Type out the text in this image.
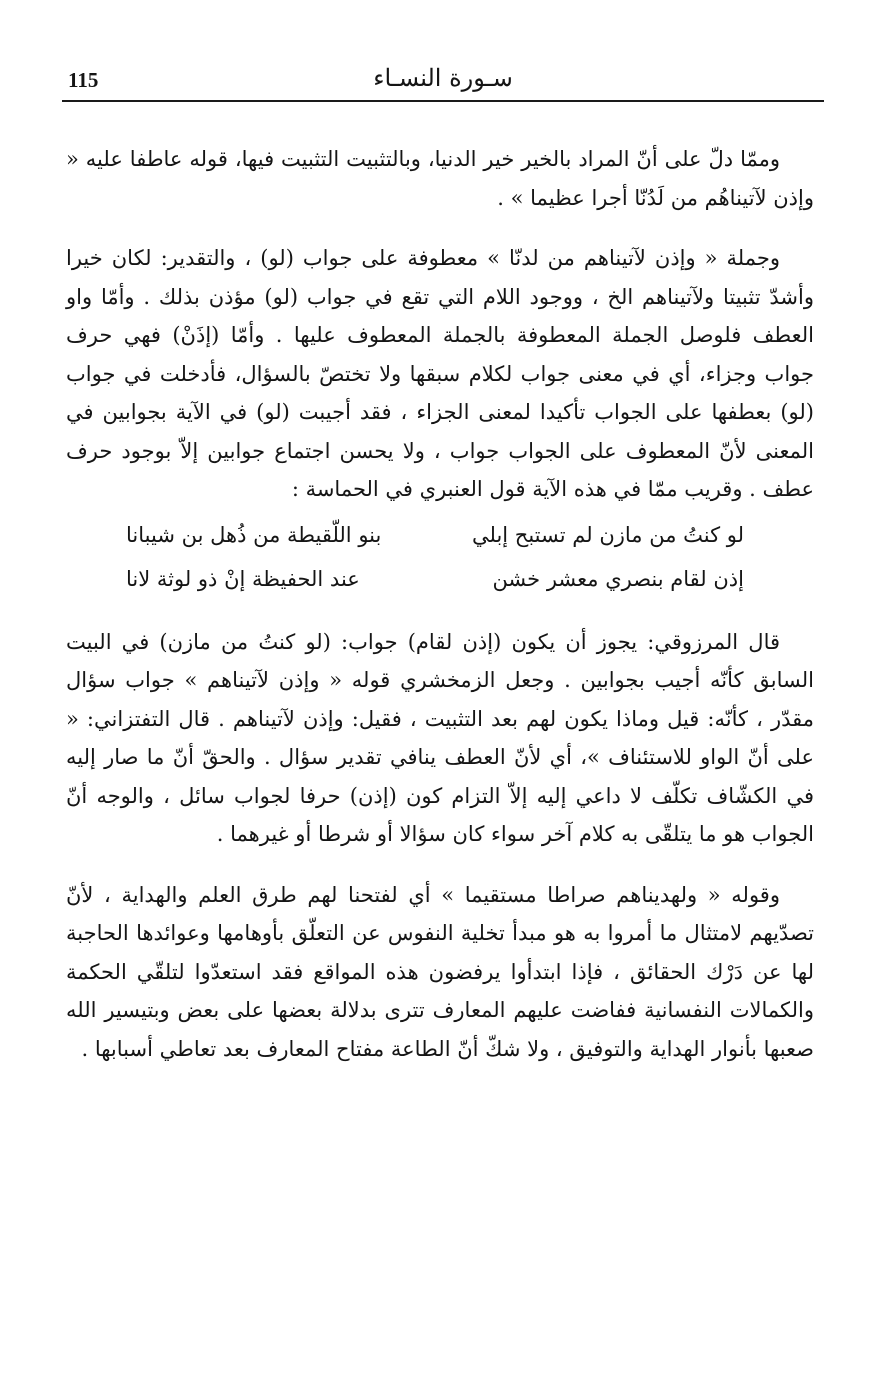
115	سـورة النسـاء

وممّا دلّ على أنّ المراد بالخير خير الدنيا، وبالتثبيت التثبيت فيها، قوله عاطفا عليه « وإذن لآتيناهُم من لَدُنّا أجرا عظيما » .

وجملة « وإذن لآتيناهم من لدنّا » معطوفة على جواب (لو) ، والتقدير: لكان خيرا وأشدّ تثبيتا ولآتيناهم الخ ، ووجود اللام التي تقع في جواب (لو) مؤذن بذلك . وأمّا واو العطف فلوصل الجملة المعطوفة بالجملة المعطوف عليها . وأمّا (إذَنْ) فهي حرف جواب وجزاء، أي في معنى جواب لكلام سبقها ولا تختصّ بالسؤال، فأدخلت في جواب (لو) بعطفها على الجواب تأكيدا لمعنى الجزاء ، فقد أجيبت (لو) في الآية بجوابين في المعنى لأنّ المعطوف على الجواب جواب ، ولا يحسن اجتماع جوابين إلاّ بوجود حرف عطف . وقريب ممّا في هذه الآية قول العنبري في الحماسة :

لو كنتُ من مازن لم تستبح إبلي
بنو اللّقيطة من ذُهل بن شيبانا
إذن لقام بنصري معشر خشن
عند الحفيظة إنْ ذو لوثة لانا

قال المرزوقي: يجوز أن يكون (إذن لقام) جواب: (لو كنتُ من مازن) في البيت السابق كأنّه أجيب بجوابين . وجعل الزمخشري قوله « وإذن لآتيناهم » جواب سؤال مقدّر ، كأنّه: قيل وماذا يكون لهم بعد التثبيت ، فقيل: وإذن لآتيناهم . قال التفتزاني: « على أنّ الواو للاستئناف »، أي لأنّ العطف ينافي تقدير سؤال . والحقّ أنّ ما صار إليه في الكشّاف تكلّف لا داعي إليه إلاّ التزام كون (إذن) حرفا لجواب سائل ، والوجه أنّ الجواب هو ما يتلقّى به كلام آخر سواء كان سؤالا أو شرطا أو غيرهما .

وقوله « ولهديناهم صراطا مستقيما » أي لفتحنا لهم طرق العلم والهداية ، لأنّ تصدّيهم لامتثال ما أمروا به هو مبدأ تخلية النفوس عن التعلّق بأوهامها وعوائدها الحاجبة لها عن دَرْك الحقائق ، فإذا ابتدأوا يرفضون هذه المواقع فقد استعدّوا لتلقّي الحكمة والكمالات النفسانية ففاضت عليهم المعارف تترى بدلالة بعضها على بعض وبتيسير الله صعبها بأنوار الهداية والتوفيق ، ولا شكّ أنّ الطاعة مفتاح المعارف بعد تعاطي أسبابها .
